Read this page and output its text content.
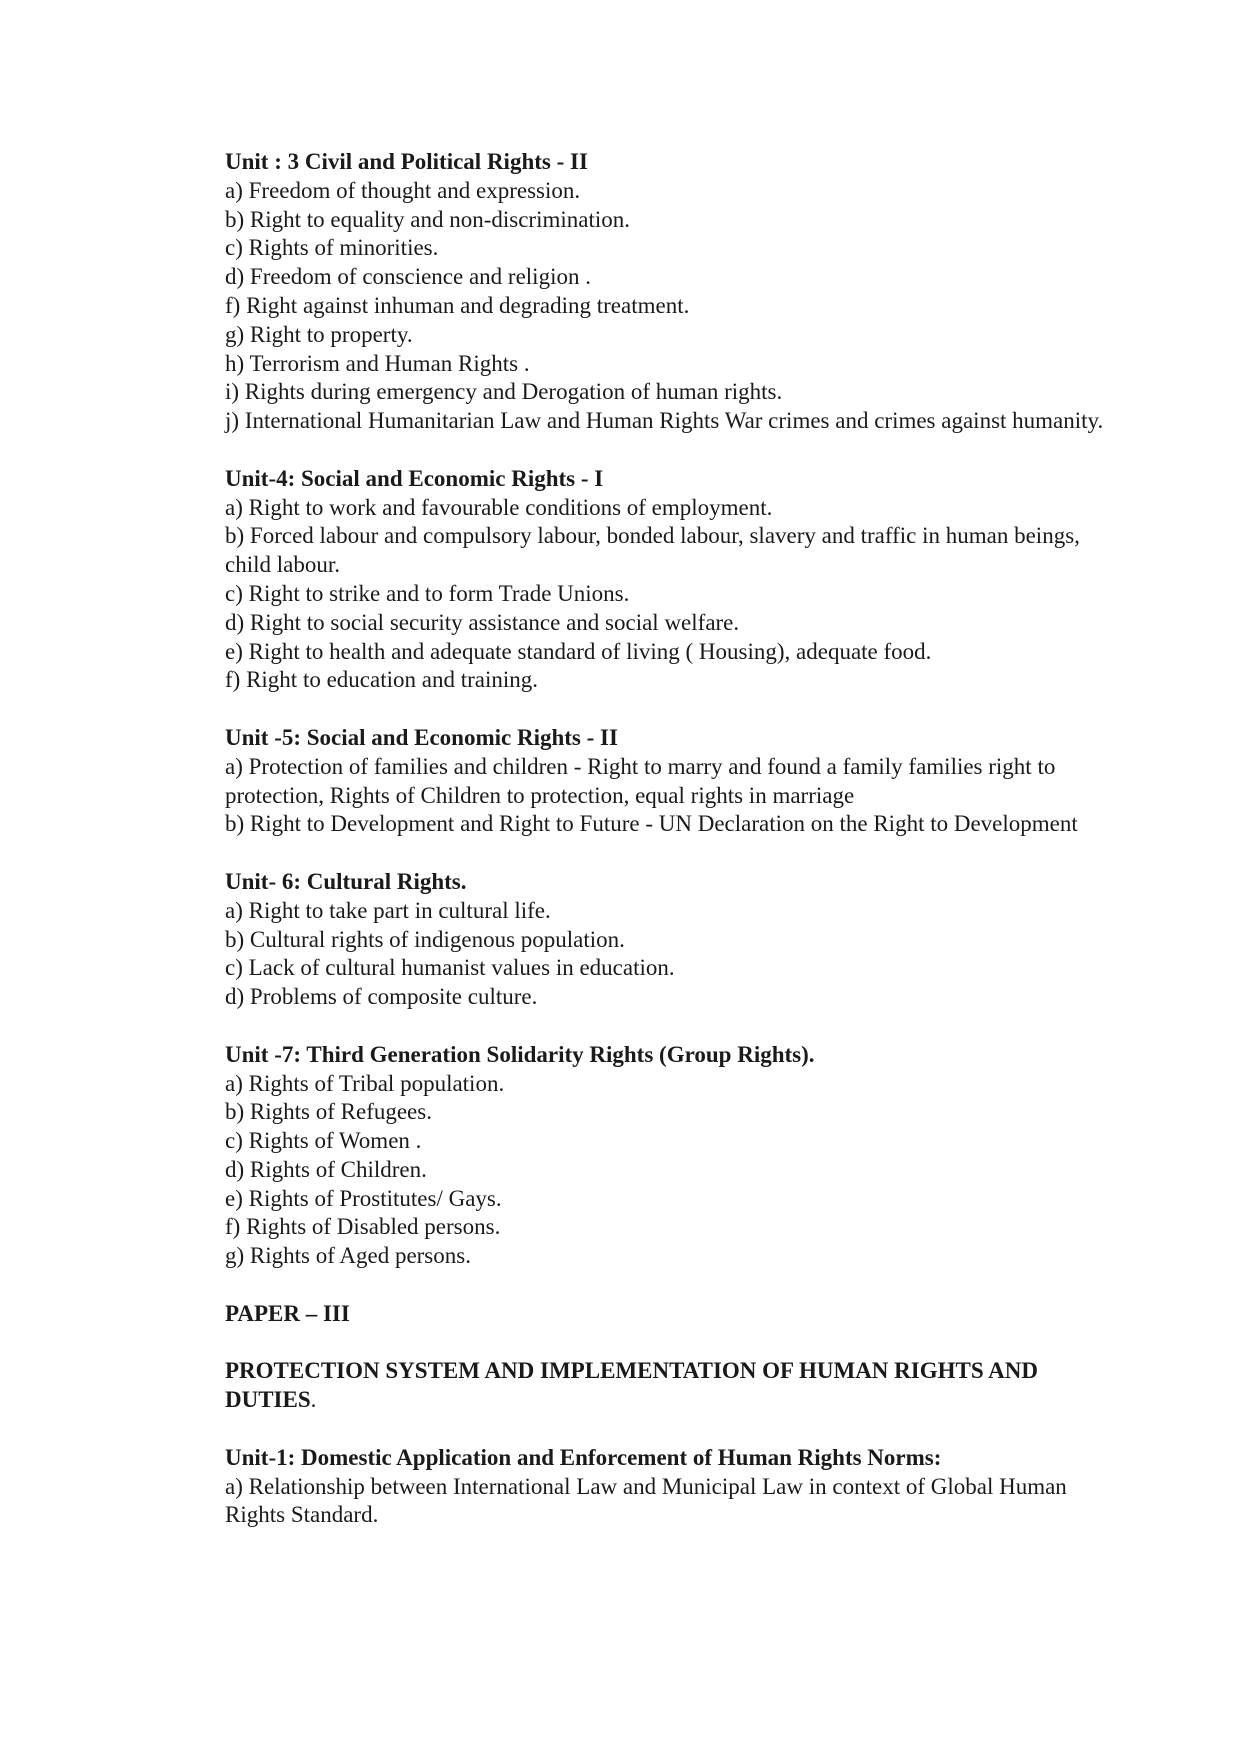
Unit : 3 Civil and Political Rights - II

a) Freedom of thought and expression.

b) Right to equality and non-discrimination.

c) Rights of minorities.

d) Freedom of conscience and religion .

f) Right against inhuman and degrading treatment.

g) Right to property.

h) Terrorism and Human Rights .

i) Rights during emergency and Derogation of human rights.

j) International Humanitarian Law and Human Rights War crimes and crimes against humanity.

Unit-4: Social and Economic Rights - I

a) Right to work and favourable conditions of employment.

b) Forced labour and compulsory labour, bonded labour, slavery and traffic in human beings, child labour.

c) Right to strike and to form Trade Unions.

d) Right to social security assistance and social welfare.

e) Right to health and adequate standard of living ( Housing), adequate food.

f) Right to education and training.

Unit -5: Social and Economic Rights - II

a) Protection of families and children - Right to marry and found a family families right to protection, Rights of Children to protection, equal rights in marriage

b) Right to Development and Right to Future - UN Declaration on the Right to Development

Unit- 6: Cultural Rights.

a) Right to take part in cultural life.

b) Cultural rights of indigenous population.

c) Lack of cultural humanist values in education.

d) Problems of composite culture.

Unit -7: Third Generation Solidarity Rights (Group Rights).

a) Rights of Tribal population.

b) Rights of Refugees.

c) Rights of Women .

d) Rights of Children.

e) Rights of Prostitutes/ Gays.

f) Rights of Disabled persons.

g) Rights of Aged persons.

PAPER – III

PROTECTION SYSTEM AND IMPLEMENTATION OF HUMAN RIGHTS AND DUTIES.

Unit-1: Domestic Application and Enforcement of Human Rights Norms:

a) Relationship between International Law and Municipal Law in context of Global Human Rights Standard.
